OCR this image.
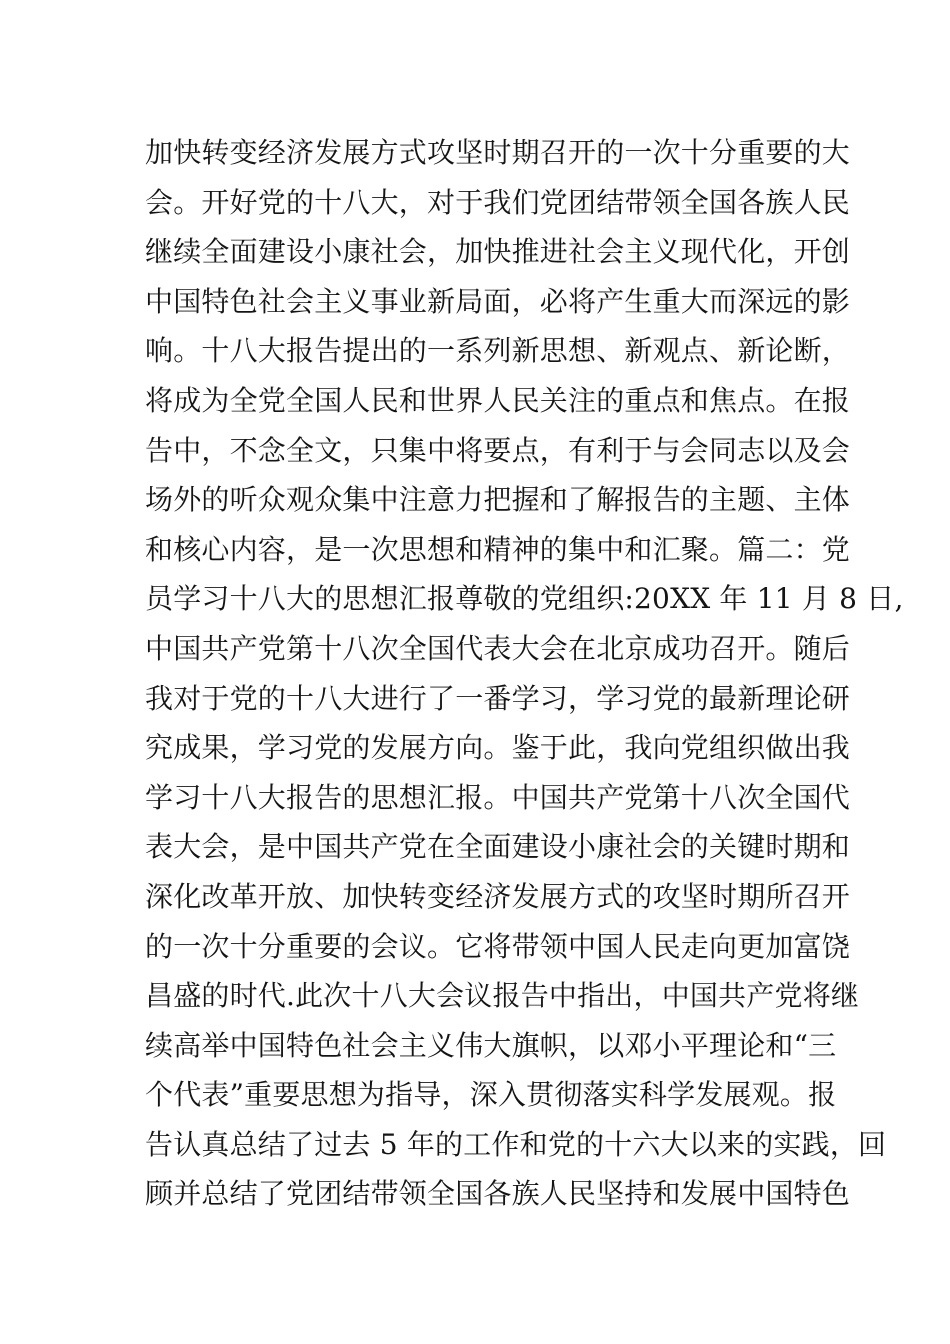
加快转变经济发展方式攻坚时期召开的一次十分重要的大
会。开好党的十八大，对于我们党团结带领全国各族人民
继续全面建设小康社会，加快推进社会主义现代化，开创
中国特色社会主义事业新局面，必将产生重大而深远的影
响。十八大报告提出的一系列新思想、新观点、新论断，
将成为全党全国人民和世界人民关注的重点和焦点。在报
告中，不念全文，只集中将要点，有利于与会同志以及会
场外的听众观众集中注意力把握和了解报告的主题、主体
和核心内容，是一次思想和精神的集中和汇聚。篇二：党
员学习十八大的思想汇报尊敬的党组织:20XX 年 11 月 8 日,
中国共产党第十八次全国代表大会在北京成功召开。随后
我对于党的十八大进行了一番学习，学习党的最新理论研
究成果，学习党的发展方向。鉴于此，我向党组织做出我
学习十八大报告的思想汇报。中国共产党第十八次全国代
表大会，是中国共产党在全面建设小康社会的关键时期和
深化改革开放、加快转变经济发展方式的攻坚时期所召开
的一次十分重要的会议。它将带领中国人民走向更加富饶
昌盛的时代.此次十八大会议报告中指出，中国共产党将继
续高举中国特色社会主义伟大旗帜，以邓小平理论和“三
个代表”重要思想为指导，深入贯彻落实科学发展观。报
告认真总结了过去 5 年的工作和党的十六大以来的实践，回
顾并总结了党团结带领全国各族人民坚持和发展中国特色
